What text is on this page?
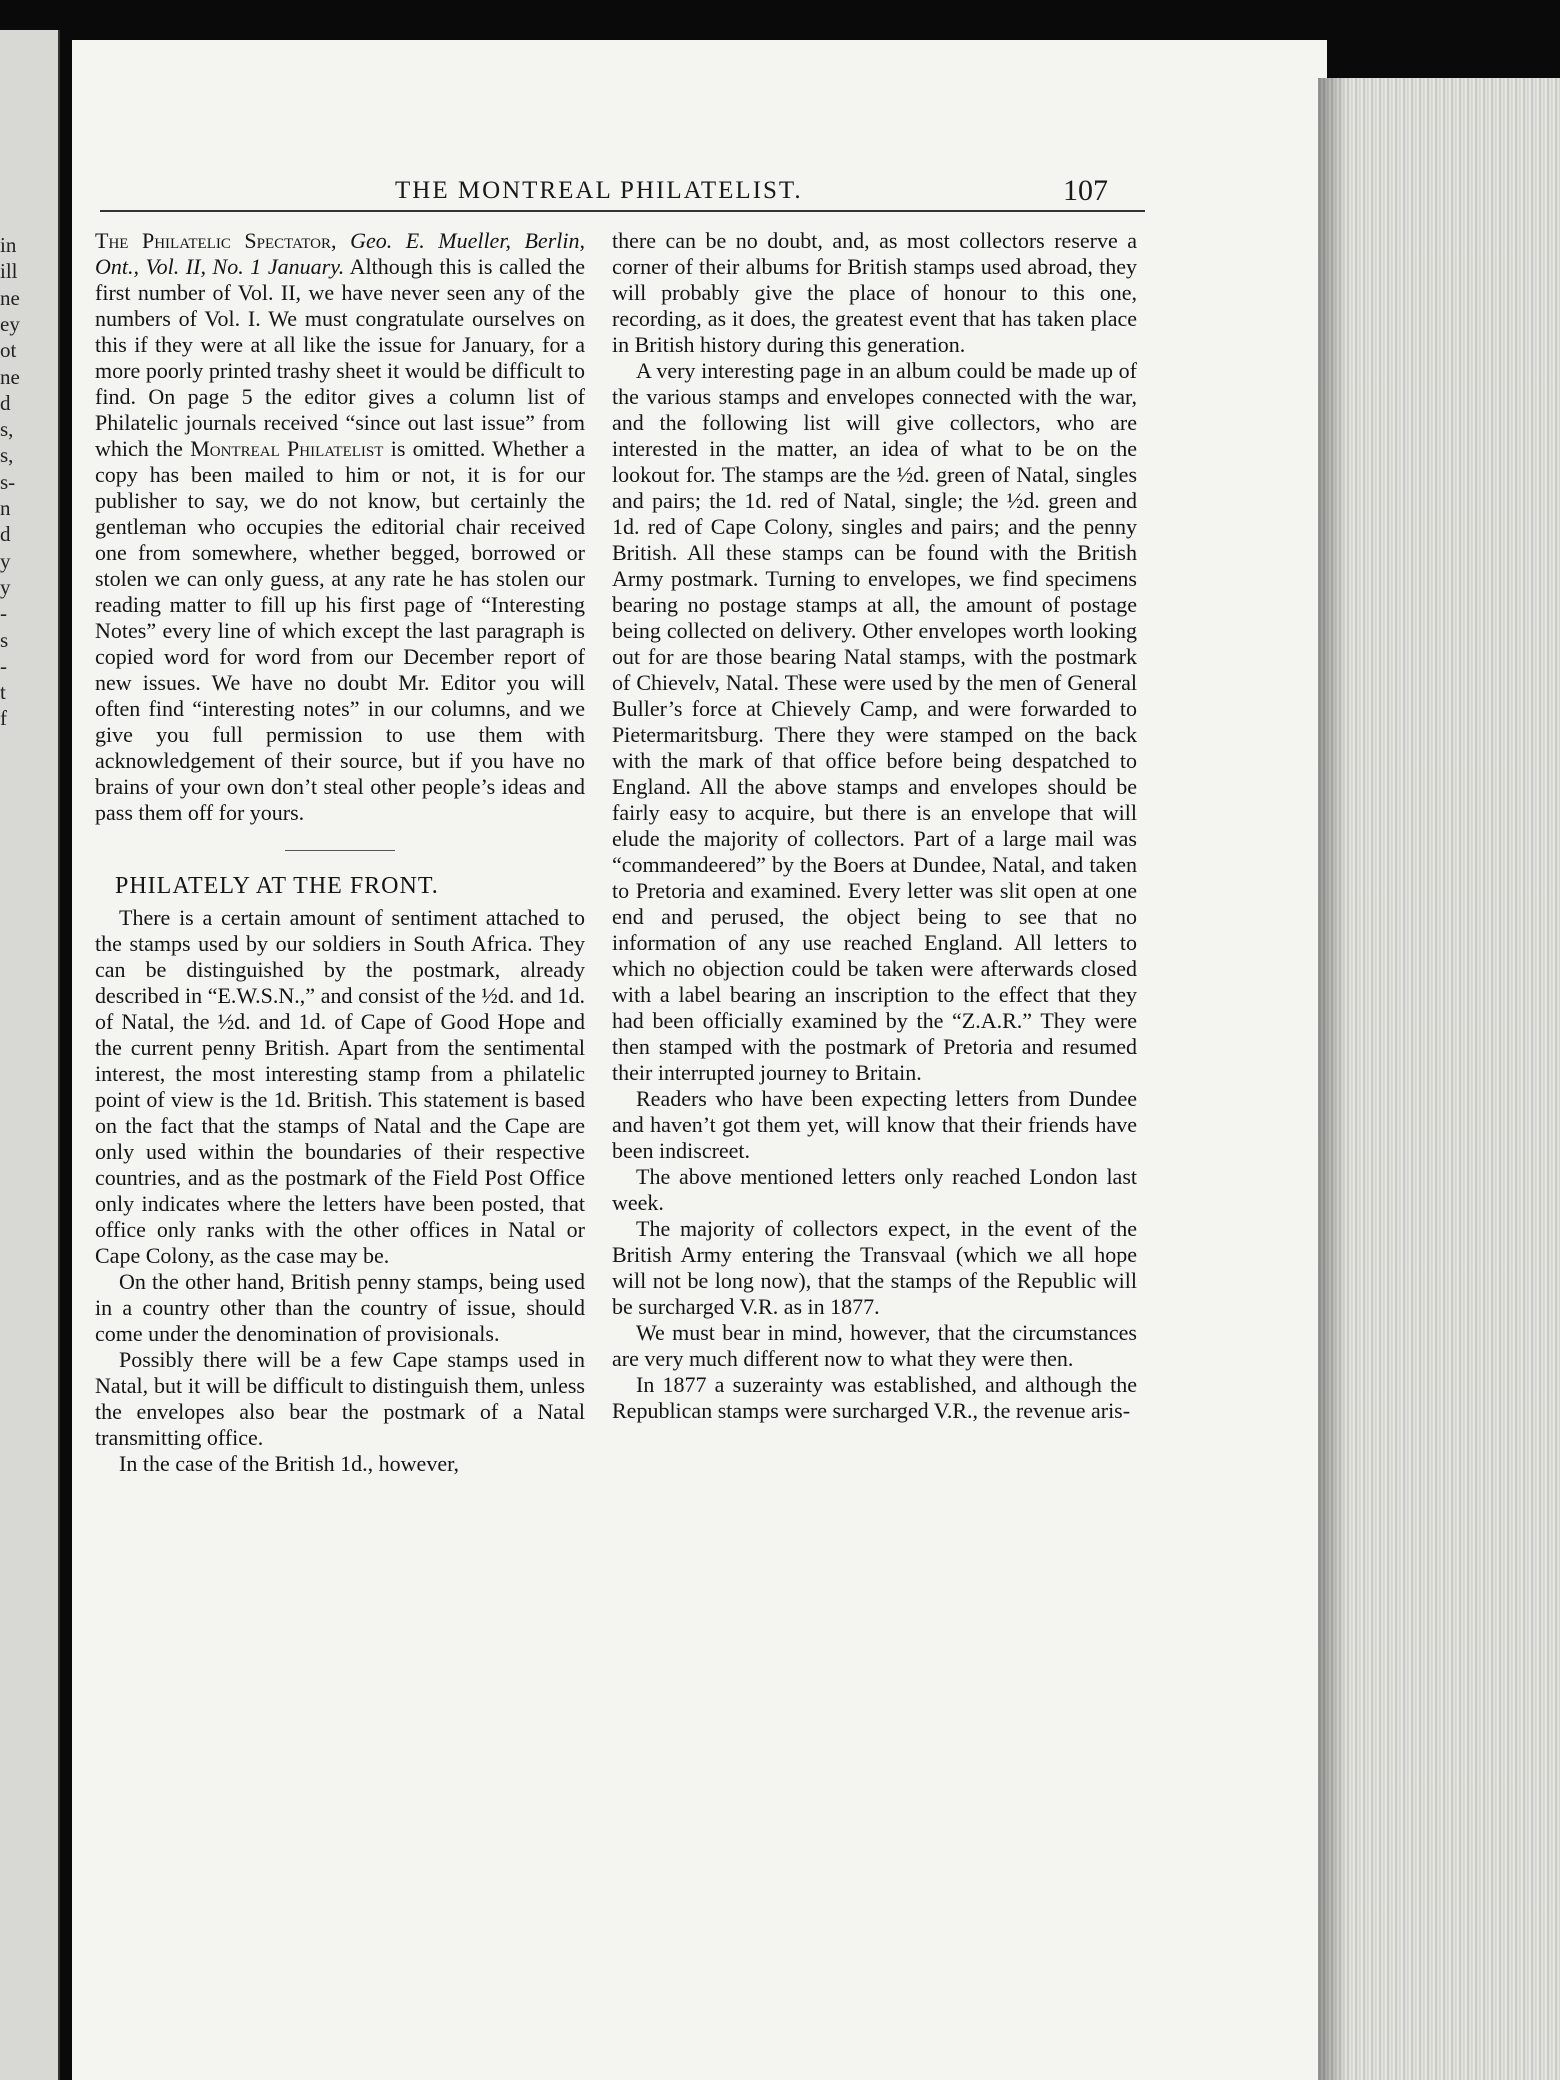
in
ill
ne
ey
ot
ne
d
s,
s,
s-
n
d
y
y
-
s
-
t
f
THE MONTREAL PHILATELIST.	107

The Philatelic Spectator, Geo. E. Mueller, Berlin, Ont., Vol. II, No. 1 January. Although this is called the first number of Vol. II, we have never seen any of the numbers of Vol. I. We must congratulate ourselves on this if they were at all like the issue for January, for a more poorly printed trashy sheet it would be difficult to find. On page 5 the editor gives a column list of Philatelic journals received “since out last issue” from which the Montreal Philatelist is omitted. Whether a copy has been mailed to him or not, it is for our publisher to say, we do not know, but certainly the gentleman who occupies the editorial chair received one from somewhere, whether begged, borrowed or stolen we can only guess, at any rate he has stolen our reading matter to fill up his first page of “Interesting Notes” every line of which except the last paragraph is copied word for word from our December report of new issues. We have no doubt Mr. Editor you will often find “interesting notes” in our columns, and we give you full permission to use them with acknowledgement of their source, but if you have no brains of your own don’t steal other people’s ideas and pass them off for yours.

PHILATELY AT THE FRONT.

There is a certain amount of sentiment attached to the stamps used by our soldiers in South Africa. They can be distinguished by the postmark, already described in “E.W.S.N.,” and consist of the ½d. and 1d. of Natal, the ½d. and 1d. of Cape of Good Hope and the current penny British. Apart from the sentimental interest, the most interesting stamp from a philatelic point of view is the 1d. British. This statement is based on the fact that the stamps of Natal and the Cape are only used within the boundaries of their respective countries, and as the postmark of the Field Post Office only indicates where the letters have been posted, that office only ranks with the other offices in Natal or Cape Colony, as the case may be.

On the other hand, British penny stamps, being used in a country other than the country of issue, should come under the denomination of provisionals.

Possibly there will be a few Cape stamps used in Natal, but it will be difficult to distinguish them, unless the envelopes also bear the postmark of a Natal transmitting office.

In the case of the British 1d., however,

there can be no doubt, and, as most collectors reserve a corner of their albums for British stamps used abroad, they will probably give the place of honour to this one, recording, as it does, the greatest event that has taken place in British history during this generation.

A very interesting page in an album could be made up of the various stamps and envelopes connected with the war, and the following list will give collectors, who are interested in the matter, an idea of what to be on the lookout for. The stamps are the ½d. green of Natal, singles and pairs; the 1d. red of Natal, single; the ½d. green and 1d. red of Cape Colony, singles and pairs; and the penny British. All these stamps can be found with the British Army postmark. Turning to envelopes, we find specimens bearing no postage stamps at all, the amount of postage being collected on delivery. Other envelopes worth looking out for are those bearing Natal stamps, with the postmark of Chievelv, Natal. These were used by the men of General Buller’s force at Chievely Camp, and were forwarded to Pietermaritsburg. There they were stamped on the back with the mark of that office before being despatched to England. All the above stamps and envelopes should be fairly easy to acquire, but there is an envelope that will elude the majority of collectors. Part of a large mail was “commandeered” by the Boers at Dundee, Natal, and taken to Pretoria and examined. Every letter was slit open at one end and perused, the object being to see that no information of any use reached England. All letters to which no objection could be taken were afterwards closed with a label bearing an inscription to the effect that they had been officially examined by the “Z.A.R.” They were then stamped with the postmark of Pretoria and resumed their interrupted journey to Britain.

Readers who have been expecting letters from Dundee and haven’t got them yet, will know that their friends have been indiscreet.

The above mentioned letters only reached London last week.

The majority of collectors expect, in the event of the British Army entering the Transvaal (which we all hope will not be long now), that the stamps of the Republic will be surcharged V.R. as in 1877.

We must bear in mind, however, that the circumstances are very much different now to what they were then.

In 1877 a suzerainty was established, and although the Republican stamps were surcharged V.R., the revenue aris-
